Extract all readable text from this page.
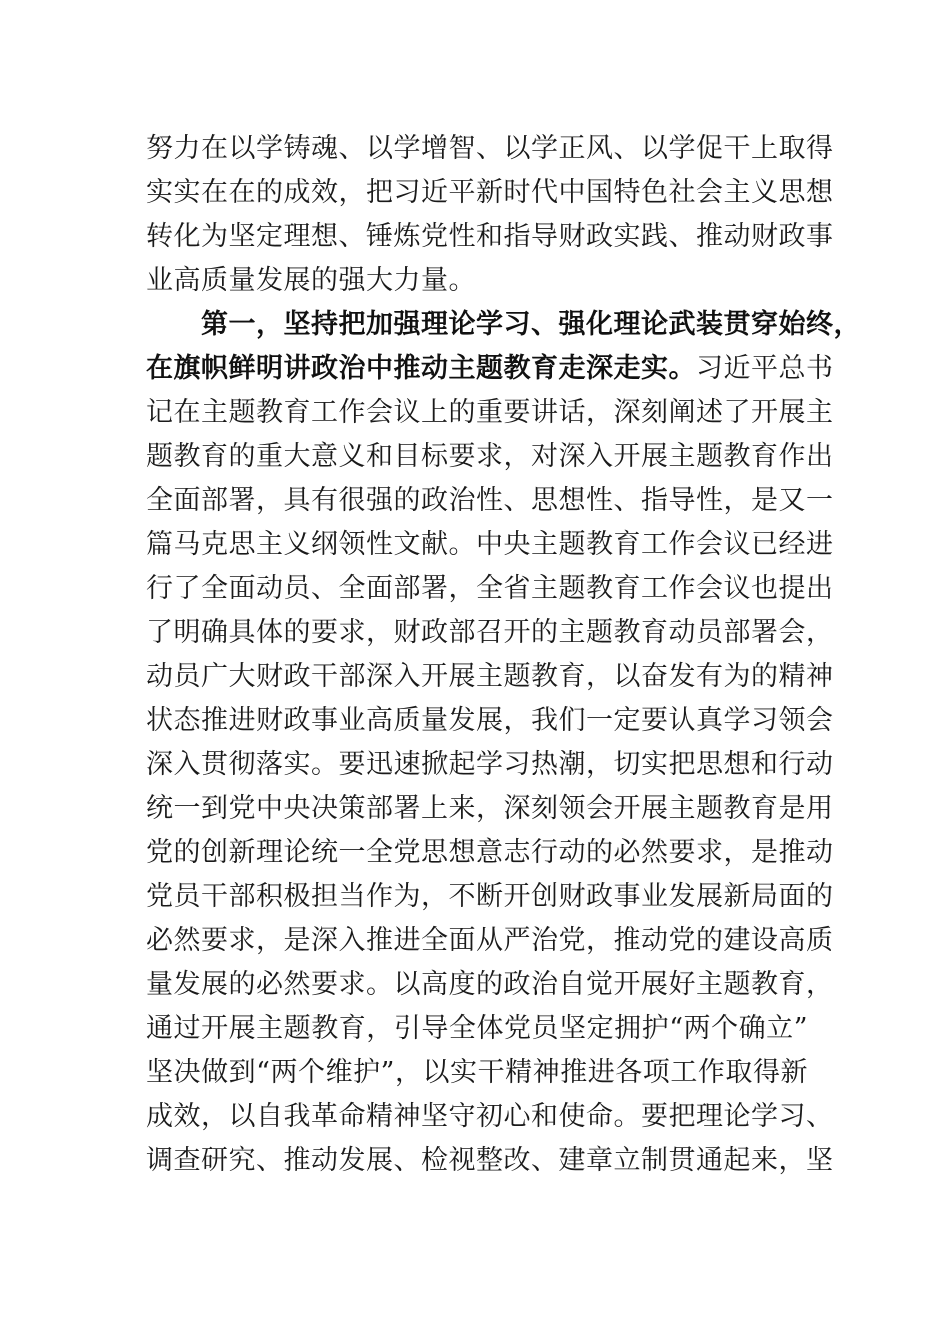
努力在以学铸魂、以学增智、以学正风、以学促干上取得
实实在在的成效，把习近平新时代中国特色社会主义思想
转化为坚定理想、锤炼党性和指导财政实践、推动财政事
业高质量发展的强大力量。
第一，坚持把加强理论学习、强化理论武装贯穿始终，
在旗帜鲜明讲政治中推动主题教育走深走实。习近平总书
记在主题教育工作会议上的重要讲话，深刻阐述了开展主
题教育的重大意义和目标要求，对深入开展主题教育作出
全面部署，具有很强的政治性、思想性、指导性，是又一
篇马克思主义纲领性文献。中央主题教育工作会议已经进
行了全面动员、全面部署，全省主题教育工作会议也提出
了明确具体的要求，财政部召开的主题教育动员部署会，
动员广大财政干部深入开展主题教育，以奋发有为的精神
状态推进财政事业高质量发展，我们一定要认真学习领会
深入贯彻落实。要迅速掀起学习热潮，切实把思想和行动
统一到党中央决策部署上来，深刻领会开展主题教育是用
党的创新理论统一全党思想意志行动的必然要求，是推动
党员干部积极担当作为，不断开创财政事业发展新局面的
必然要求，是深入推进全面从严治党，推动党的建设高质
量发展的必然要求。以高度的政治自觉开展好主题教育，
通过开展主题教育，引导全体党员坚定拥护“两个确立”
坚决做到“两个维护”，以实干精神推进各项工作取得新
成效，以自我革命精神坚守初心和使命。要把理论学习、
调查研究、推动发展、检视整改、建章立制贯通起来，坚
